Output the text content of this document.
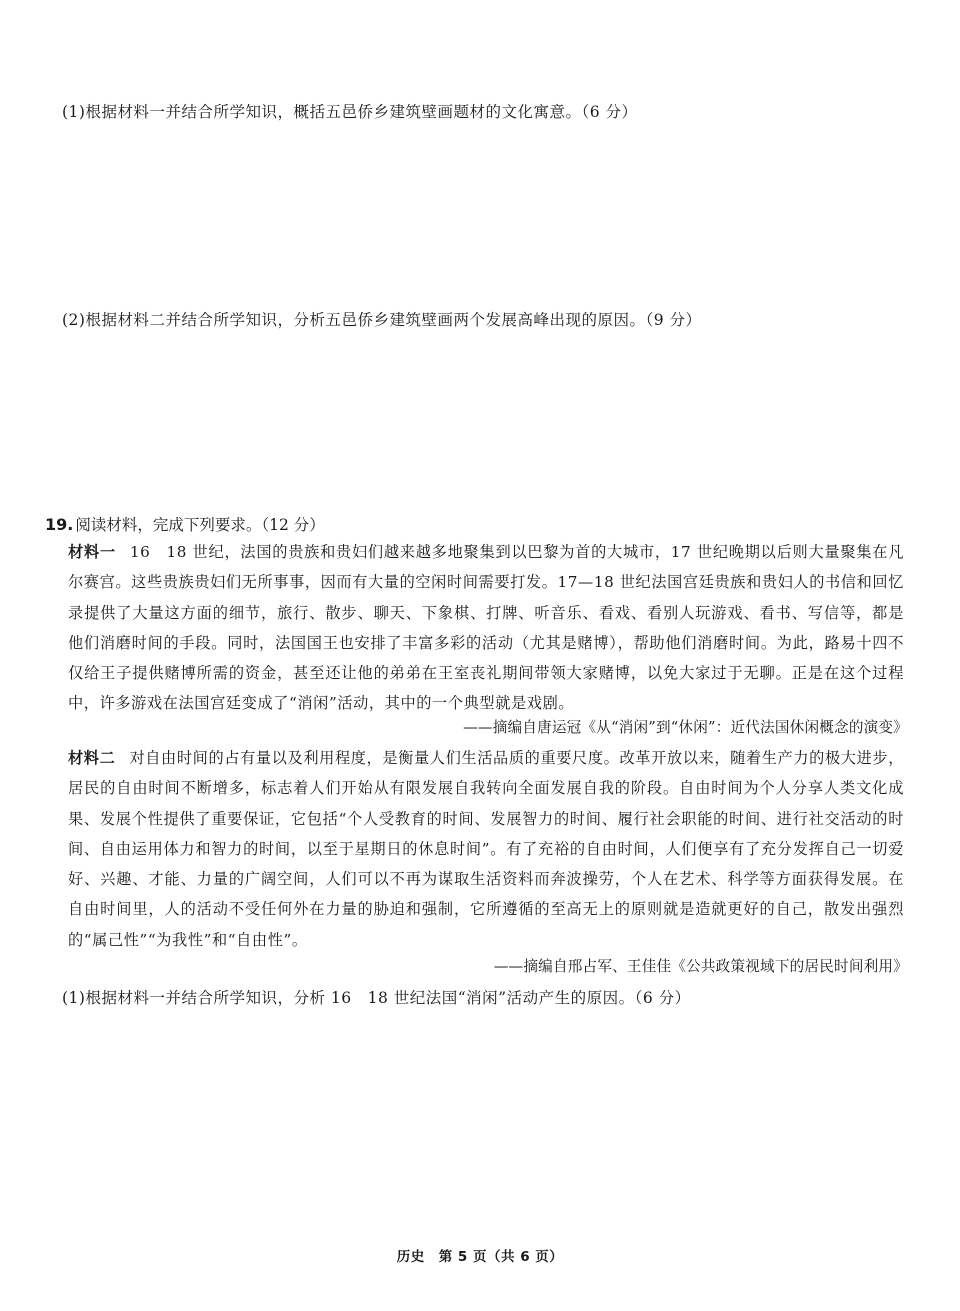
(1)根据材料一并结合所学知识，概括五邑侨乡建筑壁画题材的文化寓意。（6 分）
(2)根据材料二并结合所学知识，分析五邑侨乡建筑壁画两个发展高峰出现的原因。（9 分）
19. 阅读材料，完成下列要求。（12 分）
材料一 16　18 世纪，法国的贵族和贵妇们越来越多地聚集到以巴黎为首的大城市，17 世纪晚期以后则大量聚集在凡尔赛宫。这些贵族贵妇们无所事事，因而有大量的空闲时间需要打发。17—18 世纪法国宫廷贵族和贵妇人的书信和回忆录提供了大量这方面的细节，旅行、散步、聊天、下象棋、打牌、听音乐、看戏、看别人玩游戏、看书、写信等，都是他们消磨时间的手段。同时，法国国王也安排了丰富多彩的活动（尤其是赌博），帮助他们消磨时间。为此，路易十四不仅给王子提供赌博所需的资金，甚至还让他的弟弟在王室丧礼期间带领大家赌博，以免大家过于无聊。正是在这个过程中，许多游戏在法国宫廷变成了“消闲”活动，其中的一个典型就是戏剧。
——摘编自唐运冠《从“消闲”到“休闲”：近代法国休闲概念的演变》
材料二 对自由时间的占有量以及利用程度，是衡量人们生活品质的重要尺度。改革开放以来，随着生产力的极大进步，居民的自由时间不断增多，标志着人们开始从有限发展自我转向全面发展自我的阶段。自由时间为个人分享人类文化成果、发展个性提供了重要保证，它包括“个人受教育的时间、发展智力的时间、履行社会职能的时间、进行社交活动的时间、自由运用体力和智力的时间，以至于星期日的休息时间”。有了充裕的自由时间，人们便享有了充分发挥自己一切爱好、兴趣、才能、力量的广阔空间，人们可以不再为谋取生活资料而奔波操劳，个人在艺术、科学等方面获得发展。在自由时间里，人的活动不受任何外在力量的胁迫和强制，它所遵循的至高无上的原则就是造就更好的自己，散发出强烈的“属己性”“为我性”和“自由性”。
——摘编自邢占军、王佳佳《公共政策视域下的居民时间利用》
(1)根据材料一并结合所学知识，分析 16　18 世纪法国“消闲”活动产生的原因。（6 分）
历史　第 5 页（共 6 页）
